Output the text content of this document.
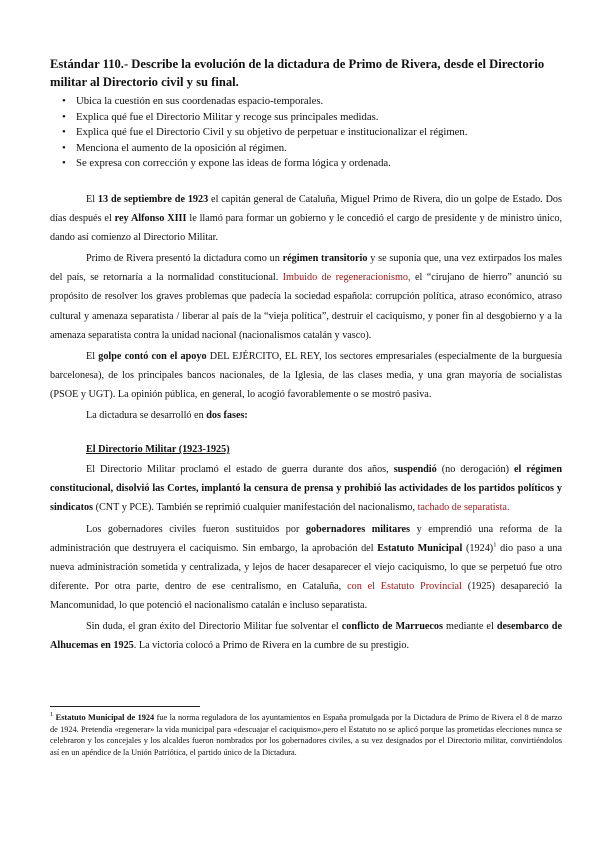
Estándar 110.- Describe la evolución de la dictadura de Primo de Rivera, desde el Directorio militar al Directorio civil y su final.
• Ubica la cuestión en sus coordenadas espacio-temporales.
• Explica qué fue el Directorio Militar y recoge sus principales medidas.
• Explica qué fue el Directorio Civil y su objetivo de perpetuar e institucionalizar el régimen.
• Menciona el aumento de la oposición al régimen.
• Se expresa con corrección y expone las ideas de forma lógica y ordenada.

El 13 de septiembre de 1923 el capitán general de Cataluña, Miguel Primo de Rivera, dio un golpe de Estado. Dos días después el rey Alfonso XIII le llamó para formar un gobierno y le concedió el cargo de presidente y de ministro único, dando así comienzo al Directorio Militar.

Primo de Rivera presentó la dictadura como un régimen transitorio y se suponía que, una vez extirpados los males del país, se retornaría a la normalidad constitucional. Imbuido de regeneracionismo, el “cirujano de hierro” anunció su propósito de resolver los graves problemas que padecía la sociedad española: corrupción política, atraso económico, atraso cultural y amenaza separatista / liberar al país de la “vieja política”, destruir el caciquismo, y poner fin al desgobierno y a la amenaza separatista contra la unidad nacional (nacionalismos catalán y vasco).

El golpe contó con el apoyo DEL EJÉRCITO, EL REY, los sectores empresariales (especialmente de la burguesía barcelonesa), de los principales bancos nacionales, de la Iglesia, de las clases media, y una gran mayoría de socialistas (PSOE y UGT). La opinión pública, en general, lo acogió favorablemente o se mostró pasiva.

La dictadura se desarrolló en dos fases:

El Directorio Militar (1923-1925)

El Directorio Militar proclamó el estado de guerra durante dos años, suspendió (no derogación) el régimen constitucional, disolvió las Cortes, implantó la censura de prensa y prohibió las actividades de los partidos políticos y sindicatos (CNT y PCE). También se reprimió cualquier manifestación del nacionalismo, tachado de separatista.

Los gobernadores civiles fueron sustituidos por gobernadores militares y emprendió una reforma de la administración que destruyera el caciquismo. Sin embargo, la aprobación del Estatuto Municipal $(1924)^1$ dio paso a una nueva administración sometida y centralizada, y lejos de hacer desaparecer el viejo caciquismo, lo que se perpetuó fue otro diferente. Por otra parte, dentro de ese centralismo, en Cataluña, con el Estatuto Provincial (1925) desapareció la Mancomunidad, lo que potenció el nacionalismo catalán e incluso separatista.

Sin duda, el gran éxito del Directorio Militar fue solventar el conflicto de Marruecos mediante el desembarco de Alhucemas en 1925. La victoria colocó a Primo de Rivera en la cumbre de su prestigio.

$^1$ Estatuto Municipal de 1924 fue la norma reguladora de los ayuntamientos en España promulgada por la Dictadura de Primo de Rivera el 8 de marzo de 1924. Pretendía «regenerar» la vida municipal para «descuajar el caciquismo»,pero el Estatuto no se aplicó porque las prometidas elecciones nunca se celebraron y los concejales y los alcaldes fueron nombrados por los gobernadores civiles, a su vez designados por el Directorio militar, convirtiéndolos así en un apéndice de la Unión Patriótica, el partido único de la Dictadura.
